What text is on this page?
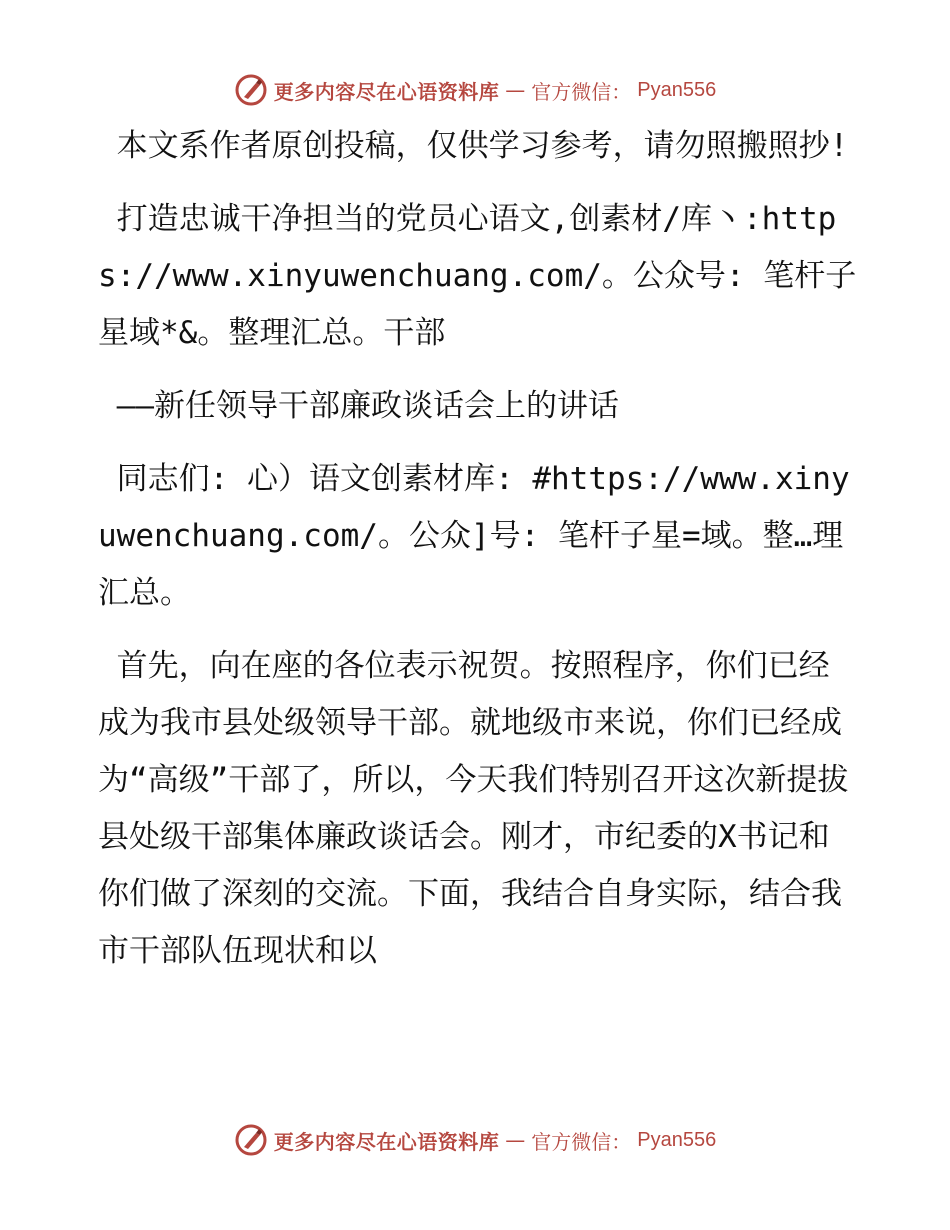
更多内容尽在心语资料库 — 官方微信： Pyan556

本文系作者原创投稿，仅供学习参考，请勿照搬照抄!

打造忠诚干净担当的党员心语文,创素材/库丶:https://www.xinyuwenchuang.com/。公众号: 笔杆子星域*&。整理汇总。干部

——新任领导干部廉政谈话会上的讲话

同志们: 心）语文创素材库: #https://www.xinyuwenchuang.com/。公众]号: 笔杆子星=域。整…理汇总。

首先，向在座的各位表示祝贺。按照程序，你们已经成为我市县处级领导干部。就地级市来说，你们已经成为“高级”干部了，所以，今天我们特别召开这次新提拔县处级干部集体廉政谈话会。刚才，市纪委的X书记和你们做了深刻的交流。下面，我结合自身实际，结合我市干部队伍现状和以

更多内容尽在心语资料库 — 官方微信： Pyan556
